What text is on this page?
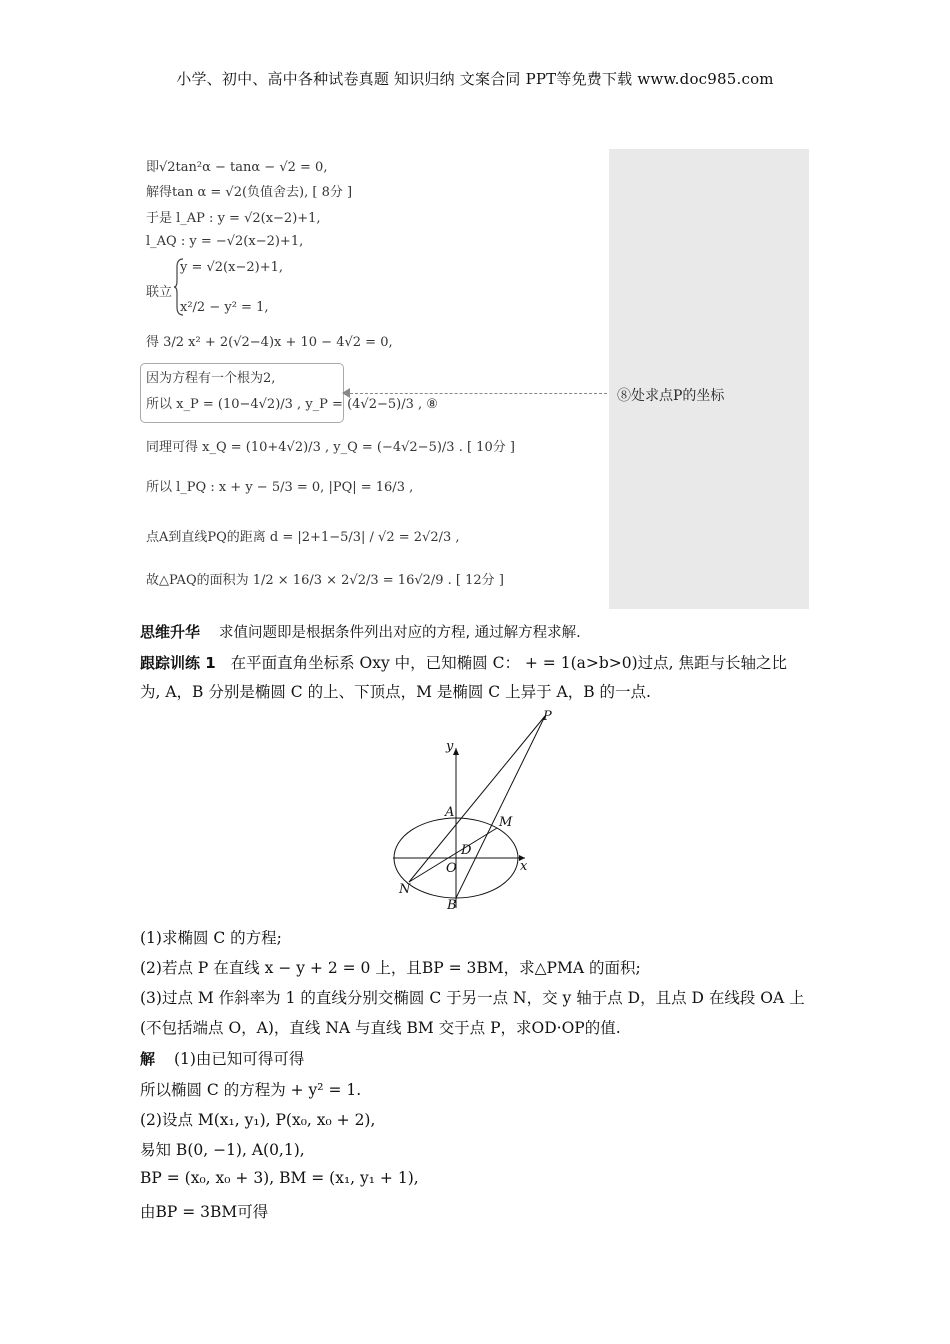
小学、初中、高中各种试卷真题 知识归纳 文案合同 PPT等免费下载 www.doc985.com
即√2tan²α − tanα − √2 = 0,
解得tan α = √2(负值舍去), [ 8分 ]
于是 l_AP : y = √2(x−2)+1,
l_AQ : y = −√2(x−2)+1,
y = √2(x−2)+1,
联立
x²/2 − y² = 1,
得 3/2 x² + 2(√2−4)x + 10 − 4√2 = 0,
因为方程有一个根为2,
所以 x_P = (10−4√2)/3 , y_P = (4√2−5)/3 , ⑧
同理可得 x_Q = (10+4√2)/3 , y_Q = (−4√2−5)/3 . [ 10分 ]
所以 l_PQ : x + y − 5/3 = 0, |PQ| = 16/3 ,
点A到直线PQ的距离 d = |2+1−5/3| / √2 = 2√2/3 ,
故△PAQ的面积为 1/2 × 16/3 × 2√2/3 = 16√2/9 . [ 12分 ]
⑧处求点P的坐标
思维升华 求值问题即是根据条件列出对应的方程, 通过解方程求解.
跟踪训练 1 在平面直角坐标系 Oxy 中，已知椭圆 C： + = 1(a>b>0)过点, 焦距与长轴之比
为, A，B 分别是椭圆 C 的上、下顶点，M 是椭圆 C 上异于 A，B 的一点.
P
y
A
M
D
O	x
N
B
(1)求椭圆 C 的方程;
(2)若点 P 在直线 x − y + 2 = 0 上，且BP = 3BM，求△PMA 的面积;
(3)过点 M 作斜率为 1 的直线分别交椭圆 C 于另一点 N，交 y 轴于点 D，且点 D 在线段 OA 上
(不包括端点 O，A)，直线 NA 与直线 BM 交于点 P，求OD·OP的值.
解 (1)由已知可得可得
所以椭圆 C 的方程为 + y² = 1.
(2)设点 M(x₁, y₁), P(x₀, x₀ + 2),
易知 B(0, −1), A(0,1),
BP = (x₀, x₀ + 3), BM = (x₁, y₁ + 1),
由BP = 3BM可得
